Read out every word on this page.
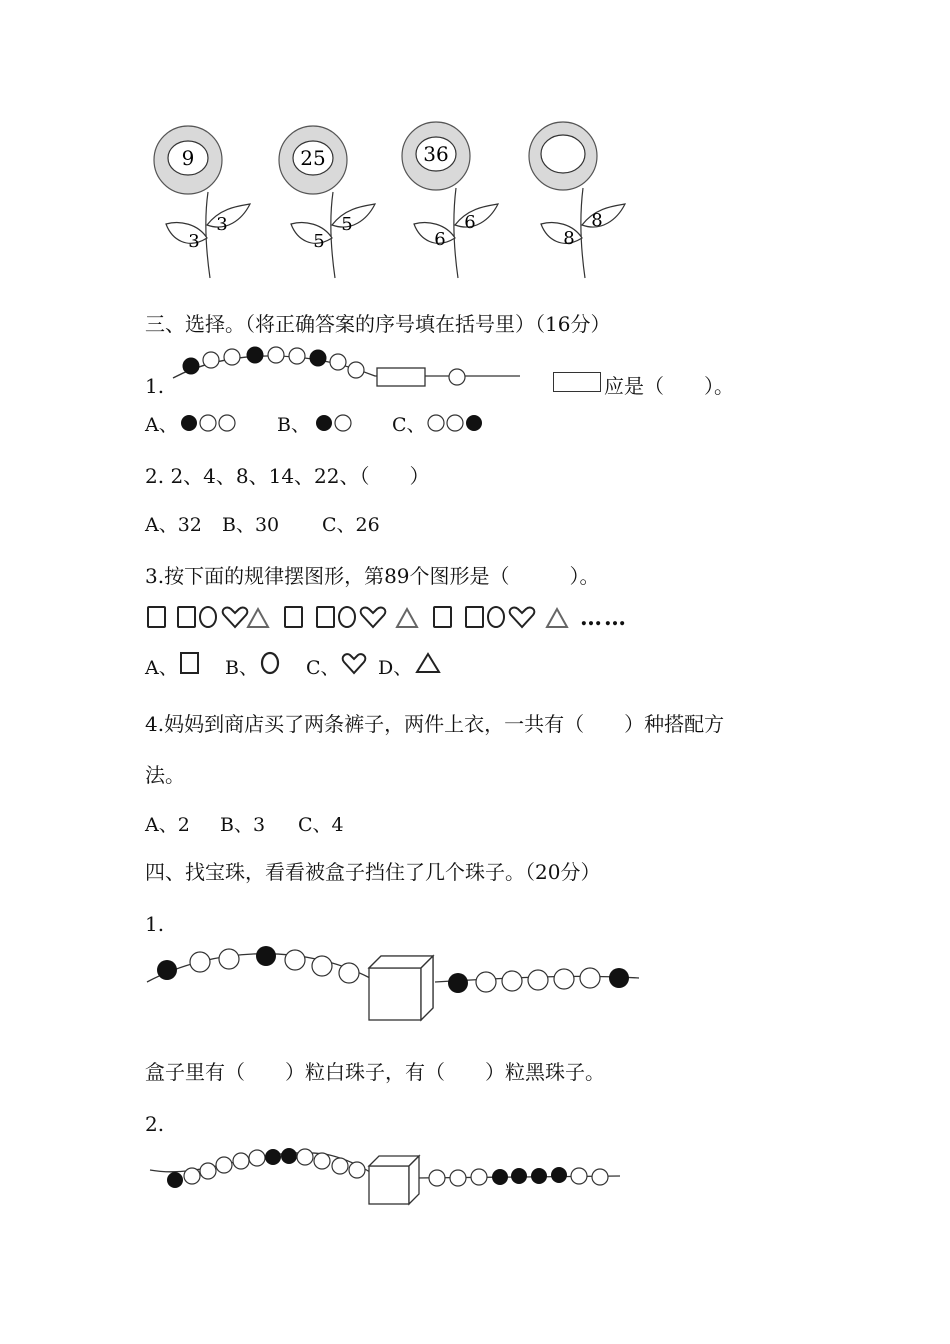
9
3
3
25
5
5
36
6
6
8
8
三、选择。（将正确答案的序号填在括号里）（16分）
1.	应是（　　）。
A、	B、	C、
2. 2、4、8、14、22、（　　）
A、32 B、30 C、26
3.按下面的规律摆图形，第89个图形是（　　　）。
……
A、 B、	C、 D、
4.妈妈到商店买了两条裤子，两件上衣，一共有（　　）种搭配方
法。
A、2 B、3 C、4
四、找宝珠，看看被盒子挡住了几个珠子。（20分）
1.
盒子里有（　　）粒白珠子，有（　　）粒黑珠子。
2.
